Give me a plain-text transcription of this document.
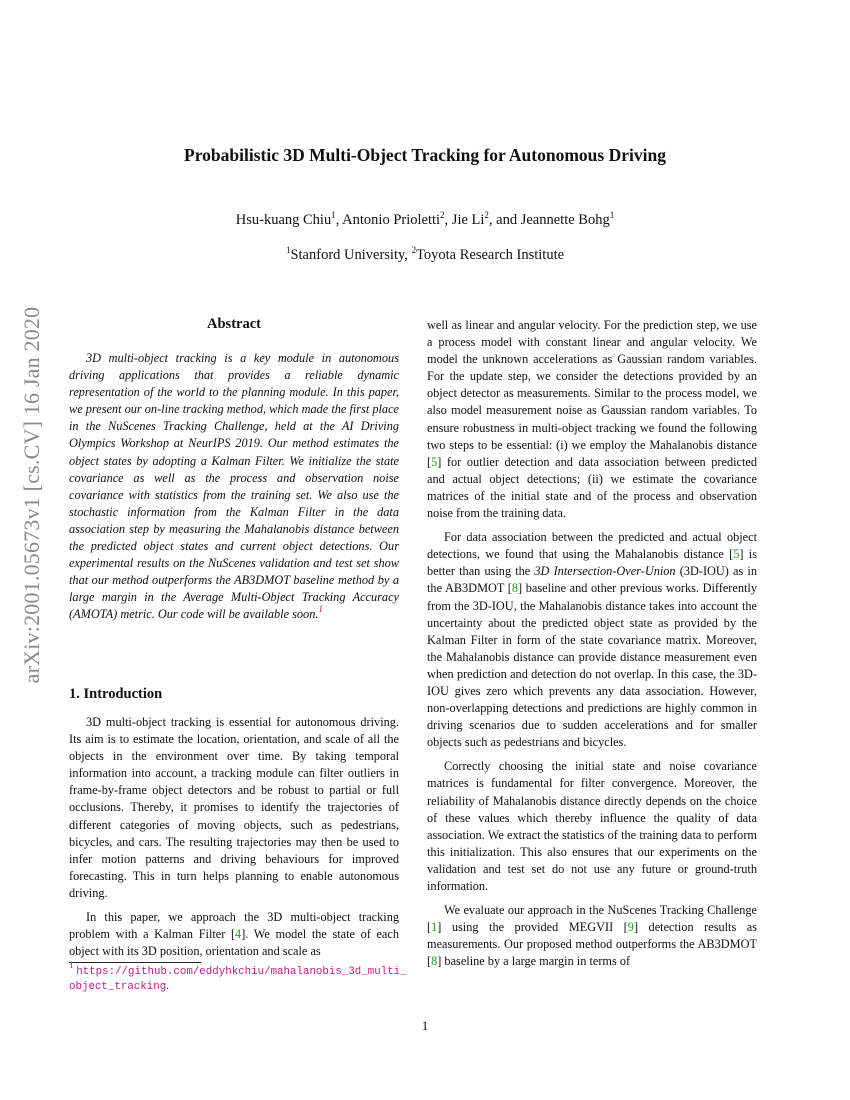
Probabilistic 3D Multi-Object Tracking for Autonomous Driving
Hsu-kuang Chiu$^1$, Antonio Prioletti$^2$, Jie Li$^2$, and Jeannette Bohg$^1$
$^1$Stanford University, $^2$Toyota Research Institute
arXiv:2001.05673v1 [cs.CV] 16 Jan 2020	Abstract
3D multi-object tracking is a key module in autonomous driving applications that provides a reliable dynamic representation of the world to the planning module. In this paper, we present our on-line tracking method, which made the first place in the NuScenes Tracking Challenge, held at the AI Driving Olympics Workshop at NeurIPS 2019. Our method estimates the object states by adopting a Kalman Filter. We initialize the state covariance as well as the process and observation noise covariance with statistics from the training set. We also use the stochastic information from the Kalman Filter in the data association step by measuring the Mahalanobis distance between the predicted object states and current object detections. Our experimental results on the NuScenes validation and test set show that our method outperforms the AB3DMOT baseline method by a large margin in the Average Multi-Object Tracking Accuracy (AMOTA) metric. Our code will be available soon.$^1$
1. Introduction

3D multi-object tracking is essential for autonomous driving. Its aim is to estimate the location, orientation, and scale of all the objects in the environment over time. By taking temporal information into account, a tracking module can filter outliers in frame-by-frame object detectors and be robust to partial or full occlusions. Thereby, it promises to identify the trajectories of different categories of moving objects, such as pedestrians, bicycles, and cars. The resulting trajectories may then be used to infer motion patterns and driving behaviours for improved forecasting. This in turn helps planning to enable autonomous driving.

In this paper, we approach the 3D multi-object tracking problem with a Kalman Filter [4]. We model the state of each object with its 3D position, orientation and scale as

well as linear and angular velocity. For the prediction step, we use a process model with constant linear and angular velocity. We model the unknown accelerations as Gaussian random variables. For the update step, we consider the detections provided by an object detector as measurements. Similar to the process model, we also model measurement noise as Gaussian random variables. To ensure robustness in multi-object tracking we found the following two steps to be essential: (i) we employ the Mahalanobis distance [5] for outlier detection and data association between predicted and actual object detections; (ii) we estimate the covariance matrices of the initial state and of the process and observation noise from the training data.

For data association between the predicted and actual object detections, we found that using the Mahalanobis distance [5] is better than using the 3D Intersection-Over-Union (3D-IOU) as in the AB3DMOT [8] baseline and other previous works. Differently from the 3D-IOU, the Mahalanobis distance takes into account the uncertainty about the predicted object state as provided by the Kalman Filter in form of the state covariance matrix. Moreover, the Mahalanobis distance can provide distance measurement even when prediction and detection do not overlap. In this case, the 3D-IOU gives zero which prevents any data association. However, non-overlapping detections and predictions are highly common in driving scenarios due to sudden accelerations and for smaller objects such as pedestrians and bicycles.

Correctly choosing the initial state and noise covariance matrices is fundamental for filter convergence. Moreover, the reliability of Mahalanobis distance directly depends on the choice of these values which thereby influence the quality of data association. We extract the statistics of the training data to perform this initialization. This also ensures that our experiments on the validation and test set do not use any future or ground-truth information.

We evaluate our approach in the NuScenes Tracking Challenge [1] using the provided MEGVII [9] detection results as measurements. Our proposed method outperforms the AB3DMOT [8] baseline by a large margin in terms of

$^1$ https://github.com/eddyhkchiu/mahalanobis_3d_multi_object_tracking.
1
